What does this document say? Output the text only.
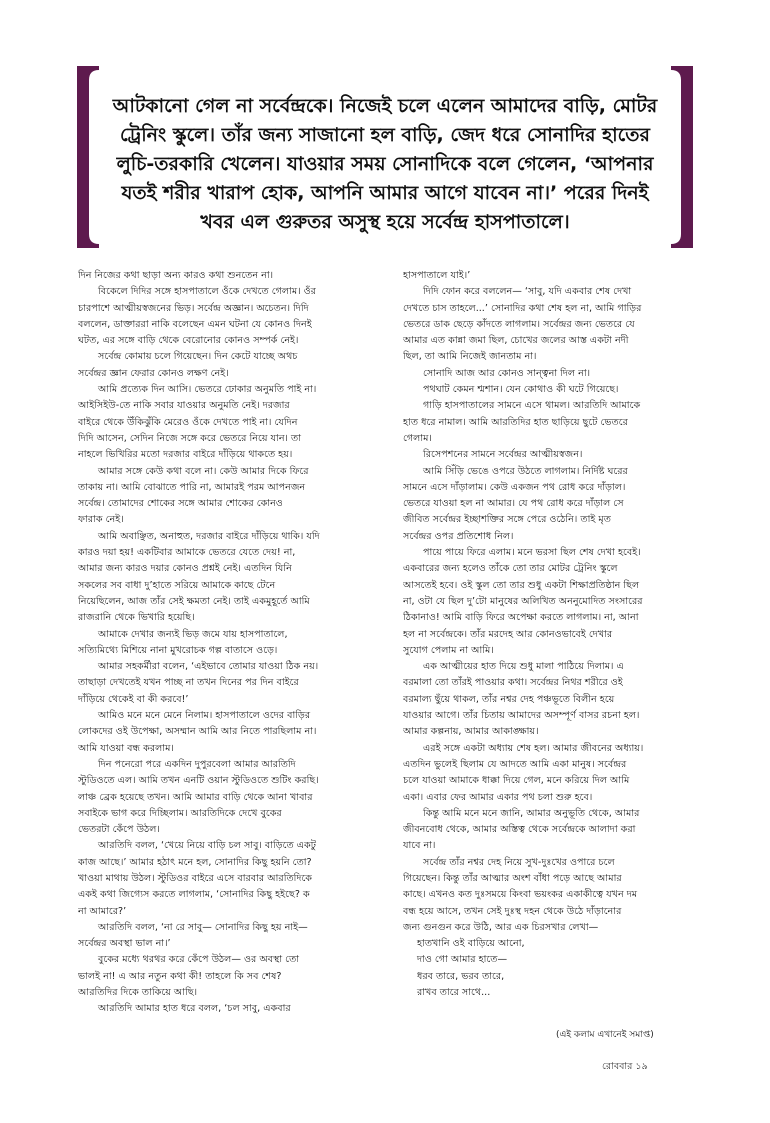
আটকানো গেল না সর্বেন্দ্রকে। নিজেই চলে এলেন আমাদের বাড়ি, মোটর
ট্রেনিং স্কুলে। তাঁর জন্য সাজানো হল বাড়ি, জেদ ধরে সোনাদির হাতের
লুচি-তরকারি খেলেন। যাওয়ার সময় সোনাদিকে বলে গেলেন, ‘আপনার
যতই শরীর খারাপ হোক, আপনি আমার আগে যাবেন না।’ পরের দিনই
খবর এল গুরুতর অসুস্থ হয়ে সর্বেন্দ্র হাসপাতালে।
দিন নিজের কথা ছাড়া অন্য কারও কথা শুনতেন না।
বিকেলে দিদির সঙ্গে হাসপাতালে ওঁকে দেখতে গেলাম। ওঁর
চারপাশে আত্মীয়স্বজনের ভিড়। সর্বেন্দ্র অজ্ঞান। অচেতন। দিদি
বললেন, ডাক্তাররা নাকি বলেছেন এমন ঘটনা যে কোনও দিনই
ঘটত, এর সঙ্গে বাড়ি থেকে বেরোনোর কোনও সম্পর্ক নেই।
সর্বেন্দ্র কোমায় চলে গিয়েছেন। দিন কেটে যাচ্ছে অথচ
সর্বেন্দ্রর জ্ঞান ফেরার কোনও লক্ষণ নেই।
আমি প্রত্যেক দিন আসি। ভেতরে ঢোকার অনুমতি পাই না।
আইসিইউ-তে নাকি সবার যাওয়ার অনুমতি নেই। দরজার
বাইরে থেকে উঁকিঝুঁকি মেরেও ওঁকে দেখতে পাই না। যেদিন
দিদি আসেন, সেদিন নিজে সঙ্গে করে ভেতরে নিয়ে যান। তা
নাহলে ভিখিরির মতো দরজার বাইরে দাঁড়িয়ে থাকতে হয়।
আমার সঙ্গে কেউ কথা বলে না। কেউ আমার দিকে ফিরে
তাকায় না। আমি বোঝাতে পারি না, আমারই পরম আপনজন
সর্বেন্দ্র। তোমাদের শোকের সঙ্গে আমার শোকের কোনও
ফারাক নেই।
আমি অবাঞ্ছিত, অনাহুত, দরজার বাইরে দাঁড়িয়ে থাকি। যদি
কারও দয়া হয়! একটিবার আমাকে ভেতরে যেতে দেয়! না,
আমার জন্য কারও দয়ার কোনও প্রশ্নই নেই। এতদিন যিনি
সকলের সব বাধা দু’হাতে সরিয়ে আমাকে কাছে টেনে
নিয়েছিলেন, আজ তাঁর সেই ক্ষমতা নেই। তাই একমুহূর্তে আমি
রাজরানি থেকে ভিখারি হয়েছি।
আমাকে দেখার জন্যই ভিড় জমে যায় হাসপাতালে,
সত্যিমিথ্যে মিশিয়ে নানা মুখরোচক গল্প বাতাসে ওড়ে।
আমার সহকর্মীরা বলেন, ‘এইভাবে তোমার যাওয়া ঠিক নয়।
তাছাড়া দেখতেই যখন পাচ্ছ না তখন দিনের পর দিন বাইরে
দাঁড়িয়ে থেকেই বা কী করবে!’
আমিও মনে মনে মেনে নিলাম। হাসপাতালে ওদের বাড়ির
লোকদের ওই উপেক্ষা, অসম্মান আমি আর নিতে পারছিলাম না।
আমি যাওয়া বন্ধ করলাম।
দিন পনেরো পরে একদিন দুপুরবেলা আমার আরতিদি
স্টুডিওতে এল। আমি তখন এনটি ওয়ান স্টুডিওতে শুটিং করছি।
লাঞ্চ ব্রেক হয়েছে তখন। আমি আমার বাড়ি থেকে আনা খাবার
সবাইকে ভাগ করে দিচ্ছিলাম। আরতিদিকে দেখে বুকের
ভেতরটা কেঁপে উঠল।
আরতিদি বলল, ‘খেয়ে নিয়ে বাড়ি চল সাবু। বাড়িতে একটু
কাজ আছে।’ আমার হঠাৎ মনে হল, সোনাদির কিছু হয়নি তো?
খাওয়া মাথায় উঠল। স্টুডিওর বাইরে এসে বারবার আরতিদিকে
একই কথা জিগ্যেস করতে লাগলাম, ‘সোনাদির কিছু হইছে? ক
না আমারে?’
আরতিদি বলল, ‘না রে সাবু— সোনাদির কিছু হয় নাই—
সর্বেন্দ্রর অবস্থা ভাল না।’
বুকের মধ্যে থরথর করে কেঁপে উঠল— ওর অবস্থা তো
ভালই না! এ আর নতুন কথা কী! তাহলে কি সব শেষ?
আরতিদির দিকে তাকিয়ে আছি।
আরতিদি আমার হাত ধরে বলল, ‘চল সাবু, একবার
হাসপাতালে যাই।’
দিদি ফোন করে বললেন— ‘সাবু, যদি একবার শেষ দেখা
দেখতে চাস তাহলে...’ সোনাদির কথা শেষ হল না, আমি গাড়ির
ভেতরে ডাক ছেড়ে কাঁদতে লাগলাম। সর্বেন্দ্রর জন্য ভেতরে যে
আমার এত কান্না জমা ছিল, চোখের জলের আস্ত একটা নদী
ছিল, তা আমি নিজেই জানতাম না।
সোনাদি আজ আর কোনও সান্ত্বনা দিল না।
পথঘাট কেমন শ্মশান। যেন কোথাও কী ঘটে গিয়েছে।
গাড়ি হাসপাতালের সামনে এসে থামল। আরতিদি আমাকে
হাত ধরে নামাল। আমি আরতিদির হাত ছাড়িয়ে ছুটে ভেতরে
গেলাম।
রিসেপশনের সামনে সর্বেন্দ্রর আত্মীয়স্বজন।
আমি সিঁড়ি ভেঙে ওপরে উঠতে লাগলাম। নির্দিষ্ট ঘরের
সামনে এসে দাঁড়ালাম। কেউ একজন পথ রোধ করে দাঁড়াল।
ভেতরে যাওয়া হল না আমার। যে পথ রোধ করে দাঁড়াল সে
জীবিত সর্বেন্দ্রর ইচ্ছাশক্তির সঙ্গে পেরে ওঠেনি। তাই মৃত
সর্বেন্দ্রর ওপর প্রতিশোধ নিল।
পায়ে পায়ে ফিরে এলাম। মনে ভরসা ছিল শেষ দেখা হবেই।
একবারের জন্য হলেও তাঁকে তো তার মোটর ট্রেনিং স্কুলে
আসতেই হবে। ওই স্কুল তো তার শুধু একটা শিক্ষাপ্রতিষ্ঠান ছিল
না, ওটা যে ছিল দু’টো মানুষের অলিখিত অননুমোদিত সংসারের
ঠিকানাও! আমি বাড়ি ফিরে অপেক্ষা করতে লাগলাম। না, আনা
হল না সর্বেন্দ্রকে। তাঁর মরদেহ আর কোনওভাবেই দেখার
সুযোগ পেলাম না আমি।
এক আত্মীয়ের হাত দিয়ে শুধু মালা পাঠিয়ে দিলাম। এ
বরমালা তো তাঁরই পাওয়ার কথা। সর্বেন্দ্রর নিথর শরীরে ওই
বরমাল্য ছুঁয়ে থাকল, তাঁর নশ্বর দেহ পঞ্চভূতে বিলীন হয়ে
যাওয়ার আগে। তাঁর চিতায় আমাদের অসম্পূর্ণ বাসর রচনা হল।
আমার কল্পনায়, আমার আকাঙ্ক্ষায়।
এরই সঙ্গে একটা অধ্যায় শেষ হল। আমার জীবনের অধ্যায়।
এতদিন ভুলেই ছিলাম যে আদতে আমি একা মানুষ। সর্বেন্দ্রর
চলে যাওয়া আমাকে ধাক্কা দিয়ে গেল, মনে করিয়ে দিল আমি
একা। এবার ফের আমার একার পথ চলা শুরু হবে।
কিন্তু আমি মনে মনে জানি, আমার অনুভূতি থেকে, আমার
জীবনবোধ থেকে, আমার অস্তিত্ব থেকে সর্বেন্দ্রকে আলাদা করা
যাবে না।
সর্বেন্দ্র তাঁর নশ্বর দেহ নিয়ে সুখ-দুঃখের ওপারে চলে
গিয়েছেন। কিন্তু তাঁর আত্মার অংশ বাঁধা পড়ে আছে আমার
কাছে। এখনও কত দুঃসময়ে কিংবা ভয়ংকর একাকীত্বে যখন দম
বন্ধ হয়ে আসে, তখন সেই দুঃস্থ দহন থেকে উঠে দাঁড়ানোর
জন্য গুনগুন করে উঠি, আর এক চিরসখার লেখা—
হাতখানি ওই বাড়িয়ে আনো,
দাও গো আমার হাতে—
ধরব তারে, ভরব তারে,
রাখব তারে সাথে...
(এই কলাম এখানেই সমাপ্ত)
রোববার ১৯
